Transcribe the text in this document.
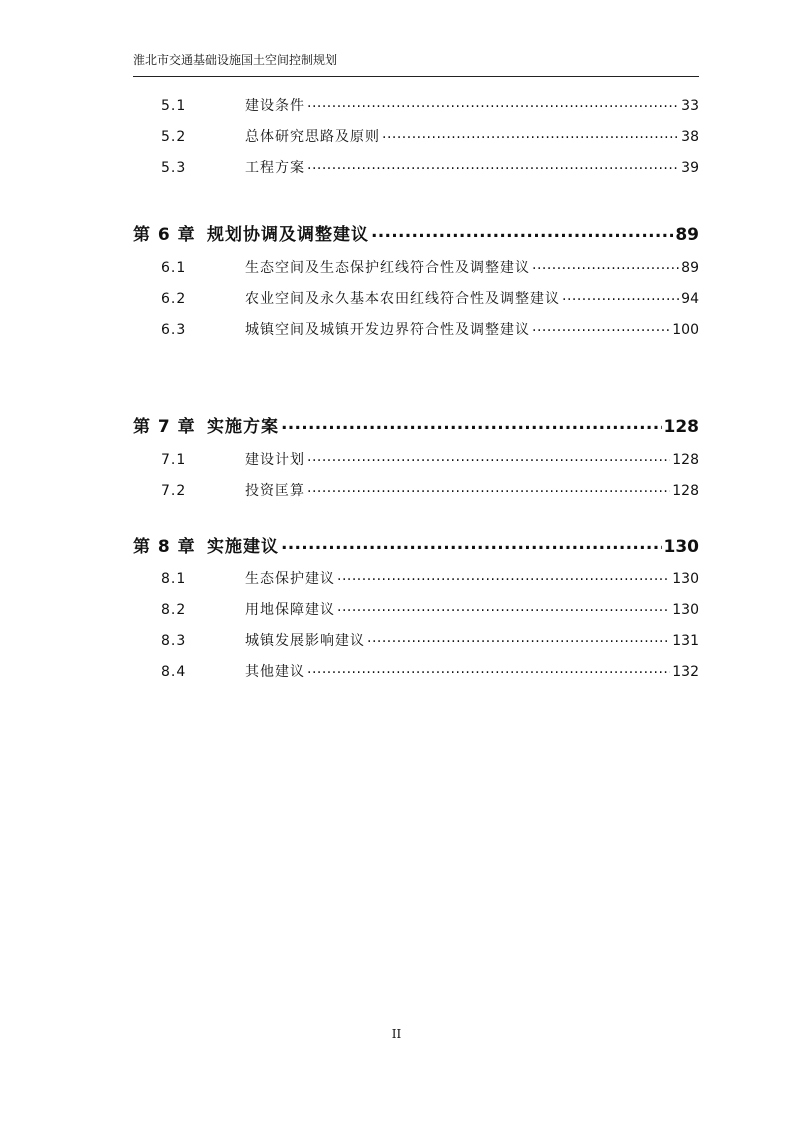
淮北市交通基础设施国土空间控制规划
5.1	建设条件 .....	33
5.2	总体研究思路及原则 .....	38
5.3	工程方案 .....	39
第 6 章 规划协调及调整建议 .....	89
6.1	生态空间及生态保护红线符合性及调整建议 .....	89
6.2	农业空间及永久基本农田红线符合性及调整建议 .....	94
6.3	城镇空间及城镇开发边界符合性及调整建议 .....	100
第 7 章 实施方案 .....	128
7.1	建设计划 .....	128
7.2	投资匡算 .....	128
第 8 章 实施建议 .....	130
8.1	生态保护建议 .....	130
8.2	用地保障建议 .....	130
8.3	城镇发展影响建议 .....	131
8.4	其他建议 .....	132
II
